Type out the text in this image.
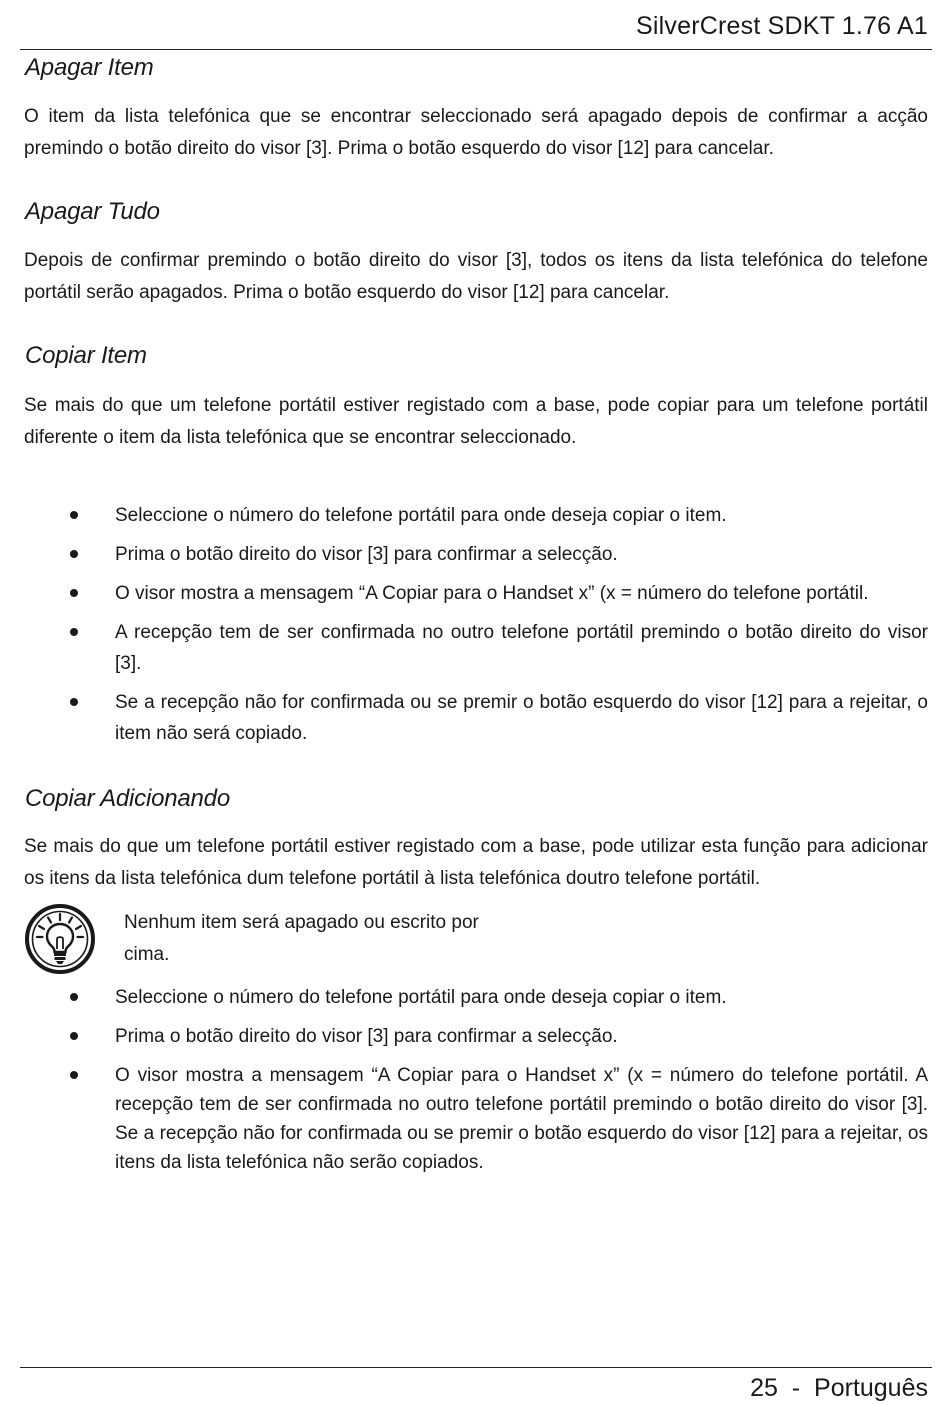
SilverCrest SDKT 1.76 A1
Apagar Item
O item da lista telefónica que se encontrar seleccionado será apagado depois de confirmar a acção premindo o botão direito do visor [3]. Prima o botão esquerdo do visor [12] para cancelar.
Apagar Tudo
Depois de confirmar premindo o botão direito do visor [3], todos os itens da lista telefónica do telefone portátil serão apagados. Prima o botão esquerdo do visor [12] para cancelar.
Copiar Item
Se mais do que um telefone portátil estiver registado com a base, pode copiar para um telefone portátil diferente o item da lista telefónica que se encontrar seleccionado.
Seleccione o número do telefone portátil para onde deseja copiar o item.
Prima o botão direito do visor [3] para confirmar a selecção.
O visor mostra a mensagem “A Copiar para o Handset x” (x = número do telefone portátil.
A recepção tem de ser confirmada no outro telefone portátil premindo o botão direito do visor [3].
Se a recepção não for confirmada ou se premir o botão esquerdo do visor [12] para a rejeitar, o item não será copiado.
Copiar Adicionando
Se mais do que um telefone portátil estiver registado com a base, pode utilizar esta função para adicionar os itens da lista telefónica dum telefone portátil à lista telefónica doutro telefone portátil.
Nenhum item será apagado ou escrito por
cima.
Seleccione o número do telefone portátil para onde deseja copiar o item.
Prima o botão direito do visor [3] para confirmar a selecção.
O visor mostra a mensagem “A Copiar para o Handset x” (x = número do telefone portátil. A recepção tem de ser confirmada no outro telefone portátil premindo o botão direito do visor [3]. Se a recepção não for confirmada ou se premir o botão esquerdo do visor [12] para a rejeitar, os itens da lista telefónica não serão copiados.
25  -  Português
